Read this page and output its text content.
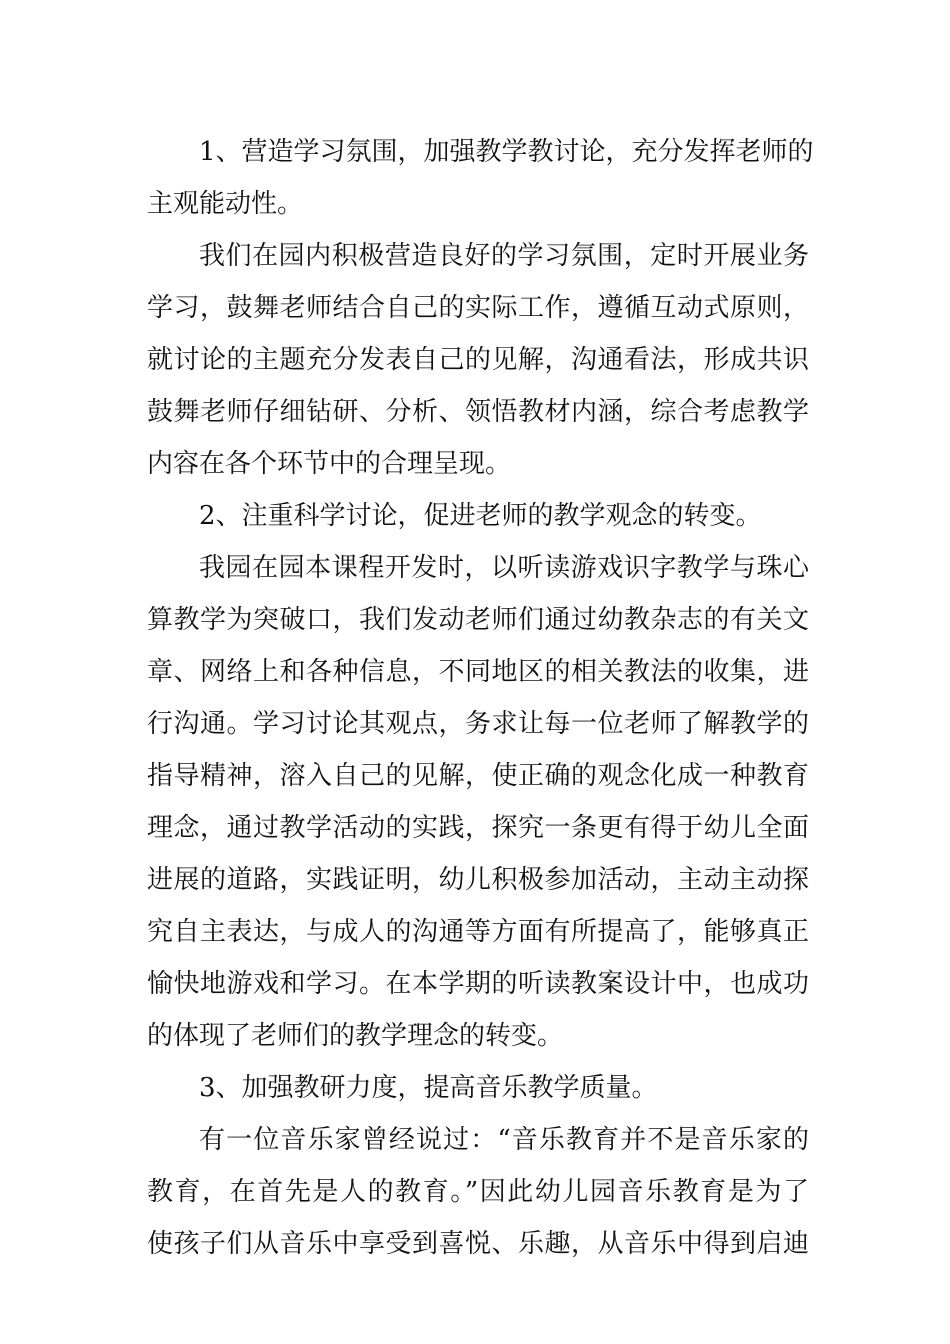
1、营造学习氛围，加强教学教讨论，充分发挥老师的
主观能动性。
我们在园内积极营造良好的学习氛围，定时开展业务
学习，鼓舞老师结合自己的实际工作，遵循互动式原则，
就讨论的主题充分发表自己的见解，沟通看法，形成共识
鼓舞老师仔细钻研、分析、领悟教材内涵，综合考虑教学
内容在各个环节中的合理呈现。
2、注重科学讨论，促进老师的教学观念的转变。
我园在园本课程开发时，以听读游戏识字教学与珠心
算教学为突破口，我们发动老师们通过幼教杂志的有关文
章、网络上和各种信息，不同地区的相关教法的收集，进
行沟通。学习讨论其观点，务求让每一位老师了解教学的
指导精神，溶入自己的见解，使正确的观念化成一种教育
理念，通过教学活动的实践，探究一条更有得于幼儿全面
进展的道路，实践证明，幼儿积极参加活动，主动主动探
究自主表达，与成人的沟通等方面有所提高了，能够真正
愉快地游戏和学习。在本学期的听读教案设计中，也成功
的体现了老师们的教学理念的转变。
3、加强教研力度，提高音乐教学质量。
有一位音乐家曾经说过：“音乐教育并不是音乐家的
教育，在首先是人的教育。”因此幼儿园音乐教育是为了
使孩子们从音乐中享受到喜悦、乐趣，从音乐中得到启迪
